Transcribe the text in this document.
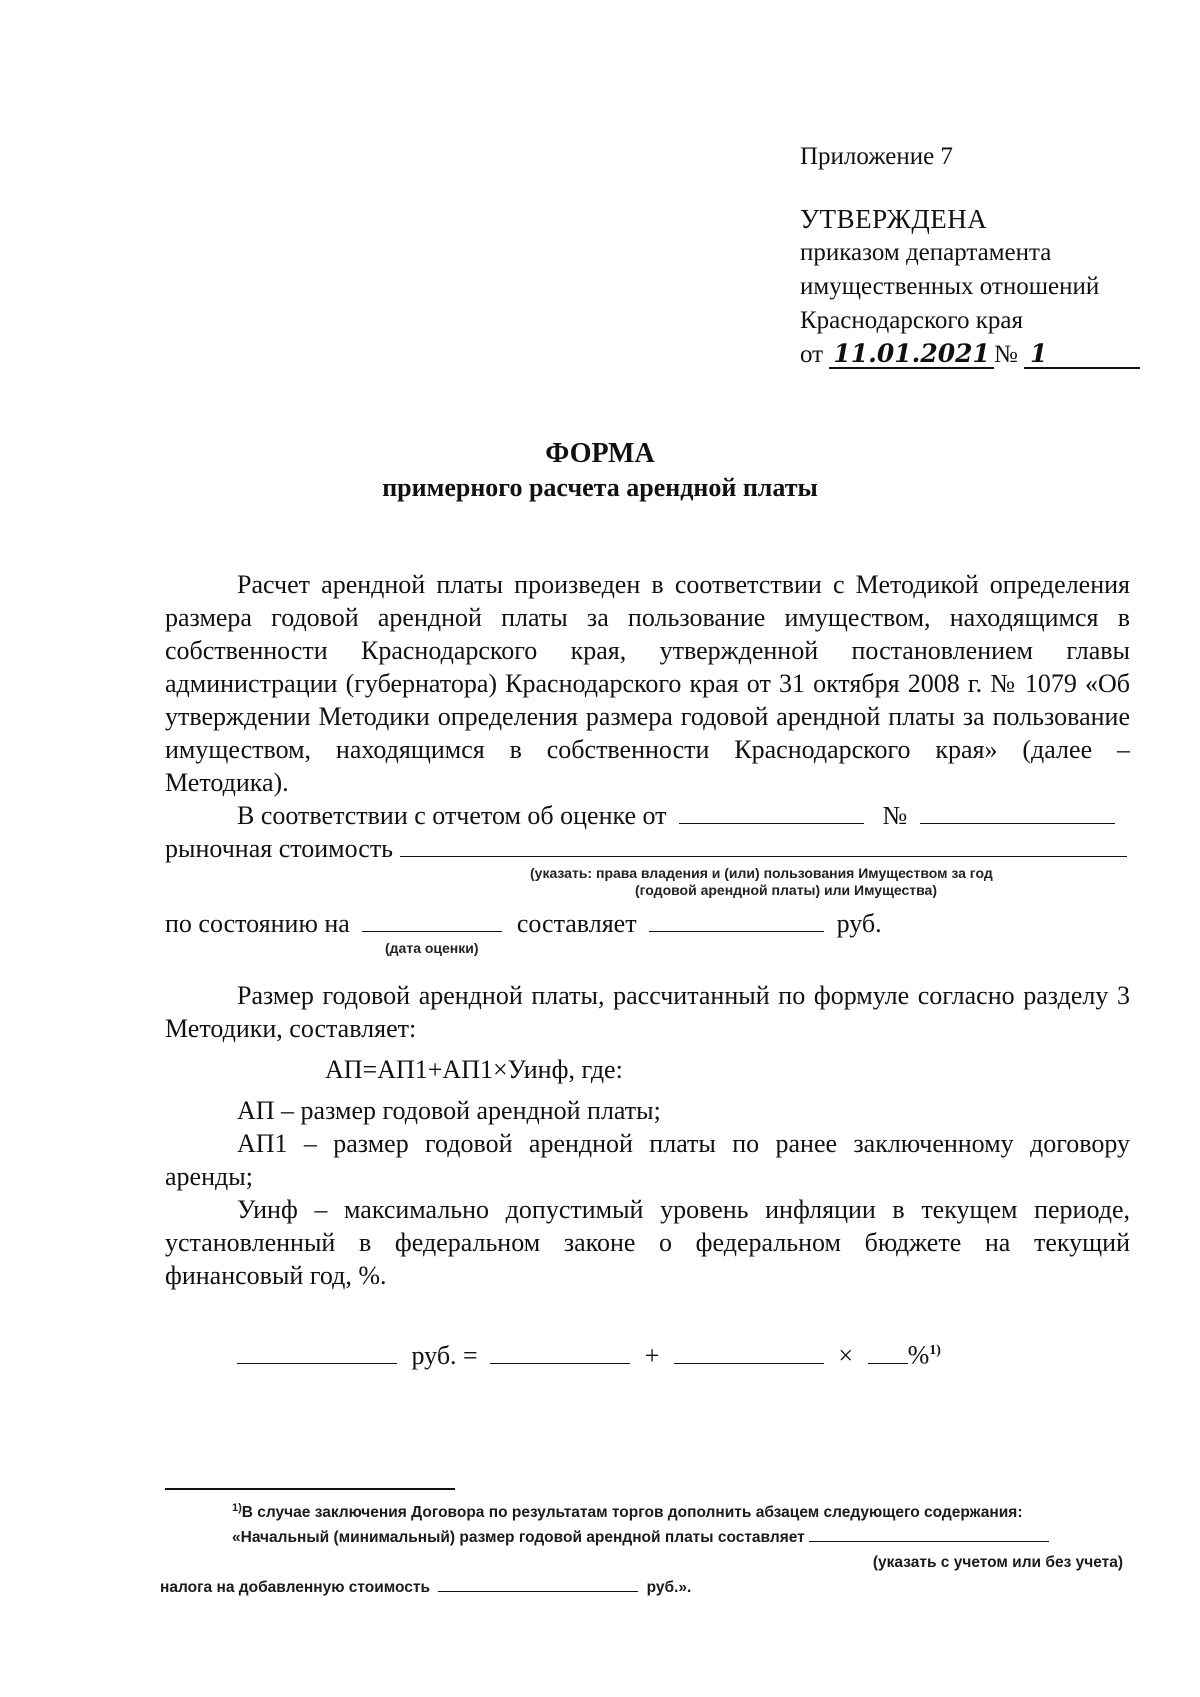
Приложение 7
УТВЕРЖДЕНА
приказом департамента
имущественных отношений
Краснодарского края
от 11.01.2021 № 1
ФОРМА
примерного расчета арендной платы

Расчет арендной платы произведен в соответствии с Методикой определения размера годовой арендной платы за пользование имуществом, находящимся в собственности Краснодарского края, утвержденной постановлением главы администрации (губернатора) Краснодарского края от 31 октября 2008 г. № 1079 «Об утверждении Методики определения размера годовой арендной платы за пользование имуществом, находящимся в собственности Краснодарского края» (далее – Методика).

В соответствии с отчетом об оценке от	№
рыночная стоимость
(указать: права владения и (или) пользования Имуществом за год
(годовой арендной платы) или Имущества)
по состоянию на	составляет	руб.
(дата оценки)

Размер годовой арендной платы, рассчитанный по формуле согласно разделу 3 Методики, составляет:

АП=АП1+АП1×Уинф, где:

АП – размер годовой арендной платы;

АП1 – размер годовой арендной платы по ранее заключенному договору аренды;

Уинф – максимально допустимый уровень инфляции в текущем периоде, установленный в федеральном законе о федеральном бюджете на текущий финансовый год, %.

руб. =	+	× %$^{1)}$
$^{1)}$В случае заключения Договора по результатам торгов дополнить абзацем следующего содержания:
«Начальный (минимальный) размер годовой арендной платы составляет
(указать с учетом или без учета)
налога на добавленную стоимость	руб.».
